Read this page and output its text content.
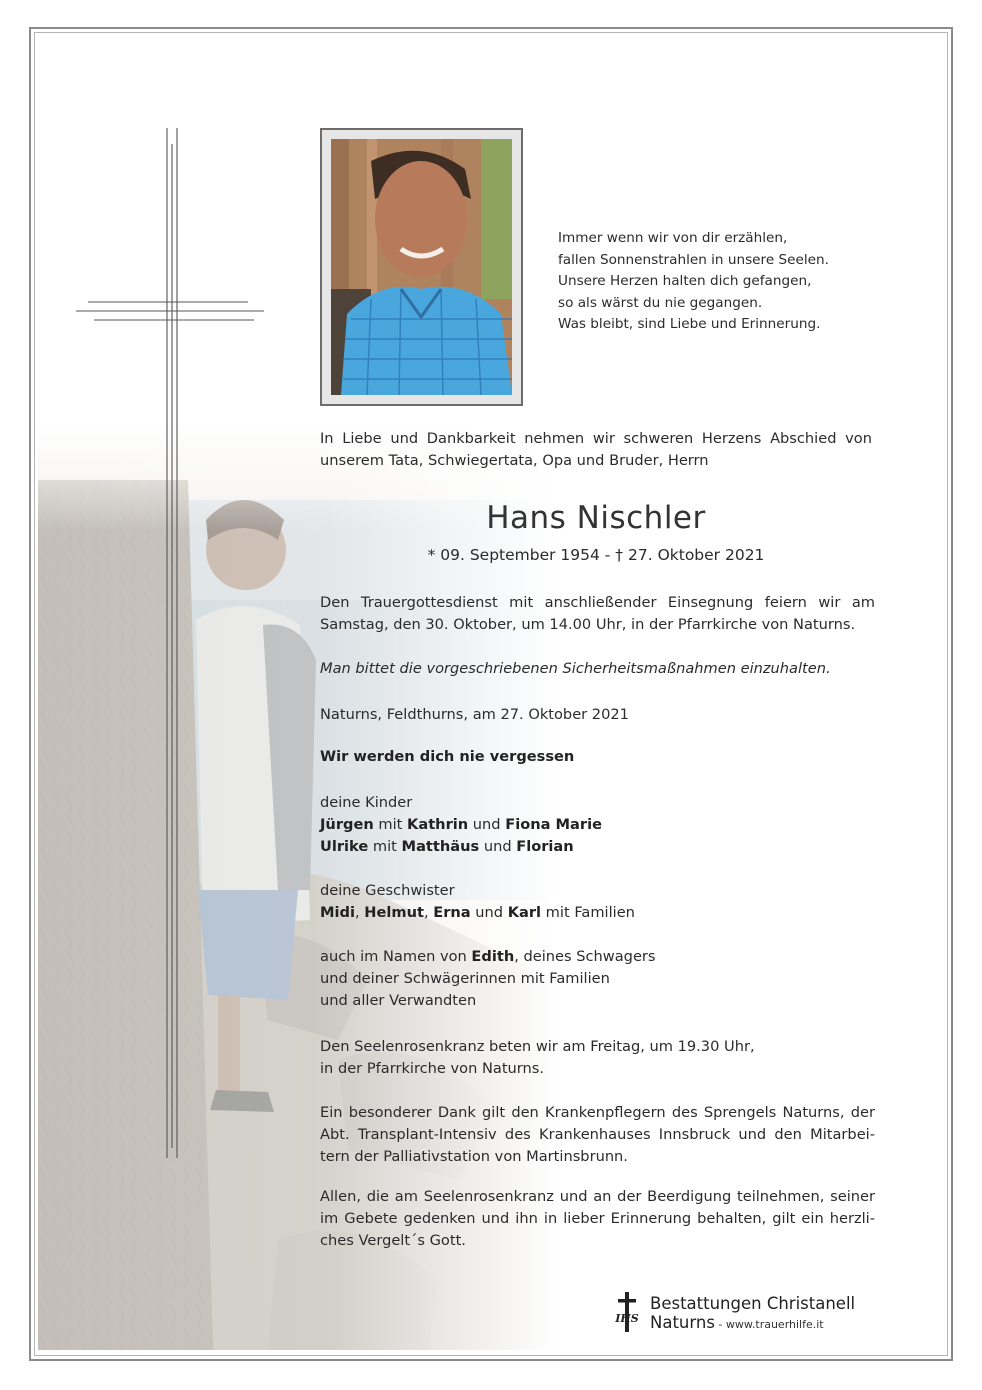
Immer wenn wir von dir erzählen,
fallen Sonnenstrahlen in unsere Seelen.
Unsere Herzen halten dich gefangen,
so als wärst du nie gegangen.
Was bleibt, sind Liebe und Erinnerung.
In Liebe und Dankbarkeit nehmen wir schweren Herzens Abschied von unserem Tata, Schwiegertata, Opa und Bruder, Herrn
Hans Nischler
* 09. September 1954 - † 27. Oktober 2021
Den Trauergottesdienst mit anschließender Einsegnung feiern wir am Samstag, den 30. Oktober, um 14.00 Uhr, in der Pfarrkirche von Naturns.
Man bittet die vorgeschriebenen Sicherheitsmaßnahmen einzuhalten.
Naturns, Feldthurns, am 27. Oktober 2021
Wir werden dich nie vergessen
deine Kinder
Jürgen mit Kathrin und Fiona Marie
Ulrike mit Matthäus und Florian
deine Geschwister
Midi, Helmut, Erna und Karl mit Familien
auch im Namen von Edith, deines Schwagers
und deiner Schwägerinnen mit Familien
und aller Verwandten
Den Seelenrosenkranz beten wir am Freitag, um 19.30 Uhr,
in der Pfarrkirche von Naturns.
Ein besonderer Dank gilt den Krankenpflegern des Sprengels Naturns, der Abt. Transplant-Intensiv des Krankenhauses Innsbruck und den Mitarbei-tern der Palliativstation von Martinsbrunn.
Allen, die am Seelenrosenkranz und an der Beerdigung teilnehmen, seiner im Gebete gedenken und ihn in lieber Erinnerung behalten, gilt ein herzli-ches Vergelt´s Gott.
IHS
Bestattungen Christanell
Naturns - www.trauerhilfe.it
